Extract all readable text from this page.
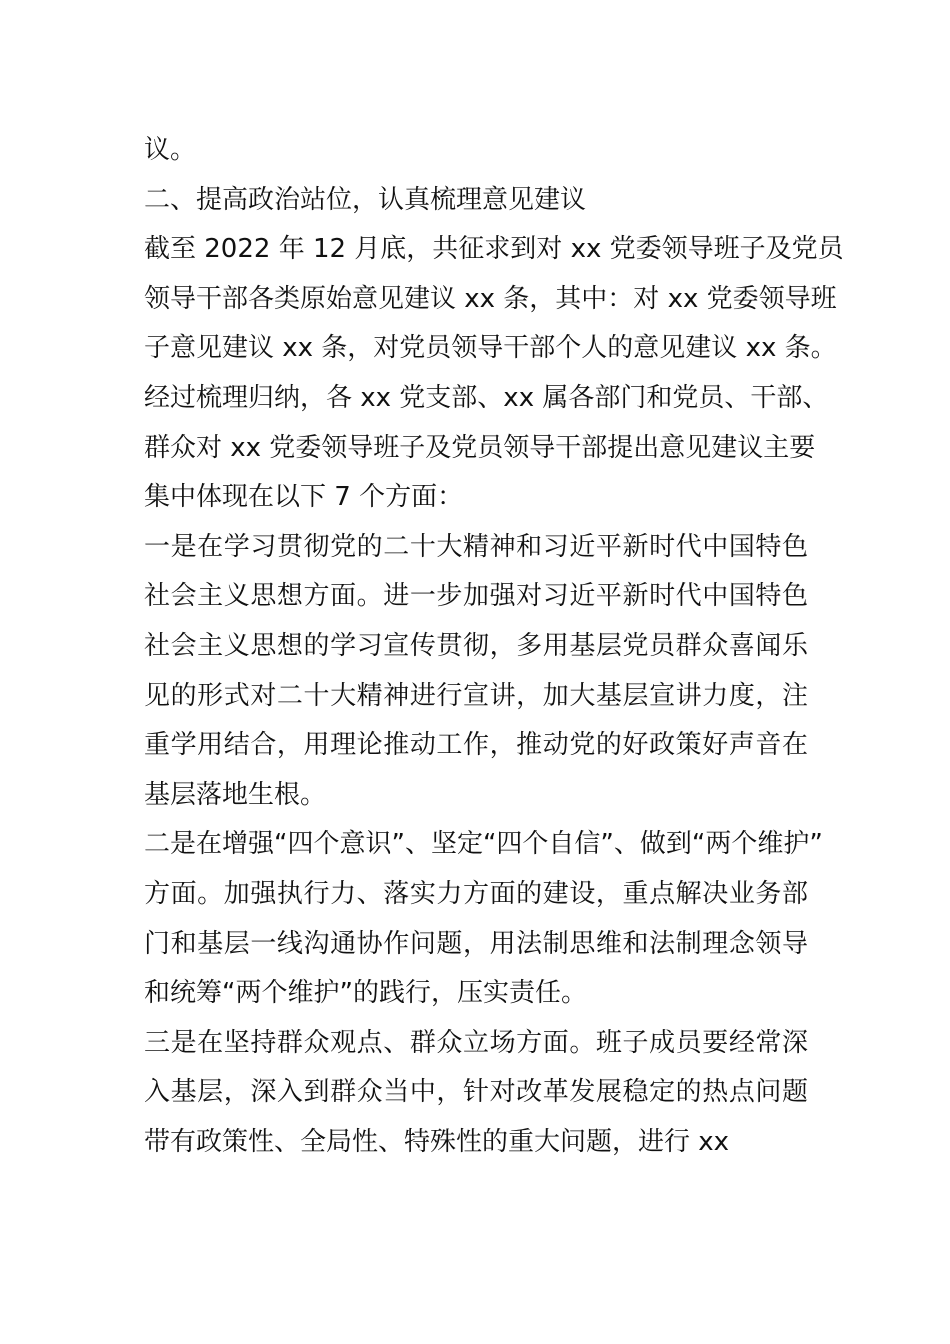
议。

二、提高政治站位，认真梳理意见建议

截至 2022 年 12 月底，共征求到对 xx 党委领导班子及党员
领导干部各类原始意见建议 xx 条，其中：对 xx 党委领导班
子意见建议 xx 条，对党员领导干部个人的意见建议 xx 条。

经过梳理归纳，各 xx 党支部、xx 属各部门和党员、干部、
群众对 xx 党委领导班子及党员领导干部提出意见建议主要
集中体现在以下 7 个方面：

一是在学习贯彻党的二十大精神和习近平新时代中国特色
社会主义思想方面。进一步加强对习近平新时代中国特色
社会主义思想的学习宣传贯彻，多用基层党员群众喜闻乐
见的形式对二十大精神进行宣讲，加大基层宣讲力度，注
重学用结合，用理论推动工作，推动党的好政策好声音在
基层落地生根。

二是在增强“四个意识”、坚定“四个自信”、做到“两个维护”
方面。加强执行力、落实力方面的建设，重点解决业务部
门和基层一线沟通协作问题，用法制思维和法制理念领导
和统筹“两个维护”的践行，压实责任。

三是在坚持群众观点、群众立场方面。班子成员要经常深
入基层，深入到群众当中，针对改革发展稳定的热点问题
带有政策性、全局性、特殊性的重大问题，进行 xx
